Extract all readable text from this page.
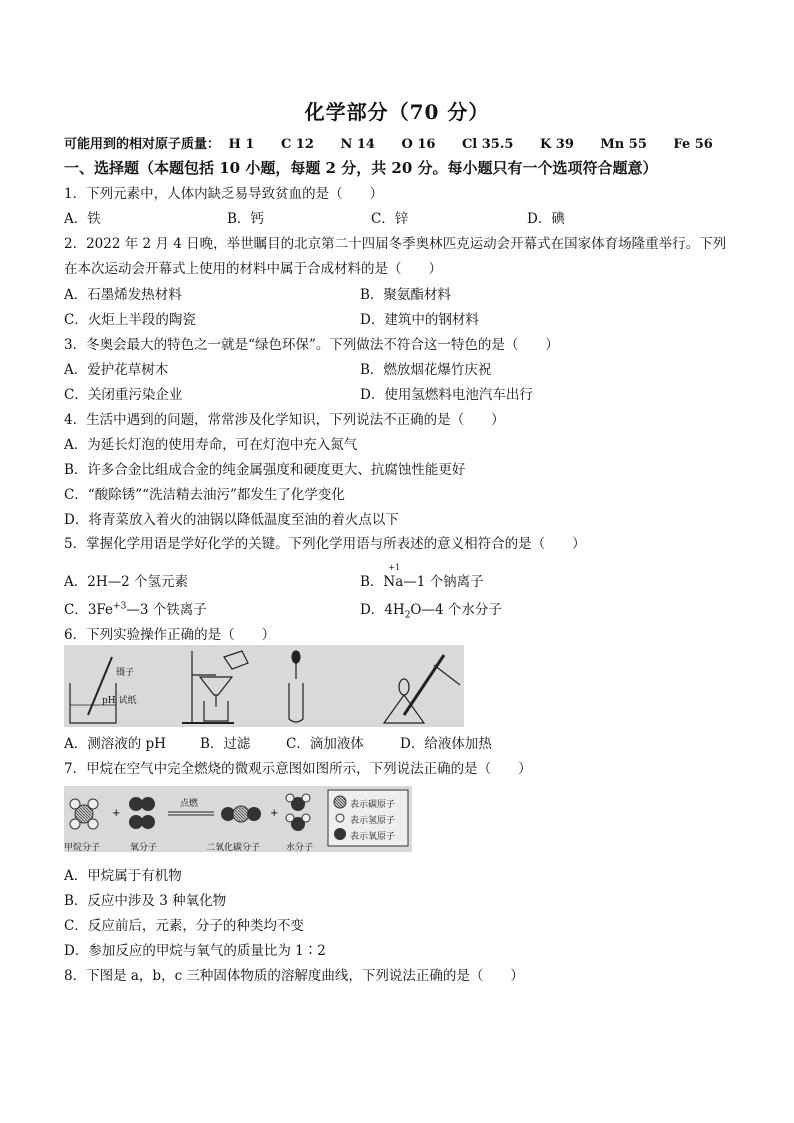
化学部分（70 分）
可能用到的相对原子质量： H 1 C 12 N 14 O 16 Cl 35.5 K 39 Mn 55 Fe 56
一、选择题（本题包括 10 小题，每题 2 分，共 20 分。每小题只有一个选项符合题意）
1．下列元素中，人体内缺乏易导致贫血的是（　　）
A．铁	B．钙	C．锌	D．碘
2．2022 年 2 月 4 日晚，举世瞩目的北京第二十四届冬季奥林匹克运动会开幕式在国家体育场隆重举行。下列
在本次运动会开幕式上使用的材料中属于合成材料的是（　　）
A．石墨烯发热材料	B．聚氨酯材料
C．火炬上半段的陶瓷	D．建筑中的钢材料
3．冬奥会最大的特色之一就是“绿色环保”。下列做法不符合这一特色的是（　　）
A．爱护花草树木	B．燃放烟花爆竹庆祝
C．关闭重污染企业	D．使用氢燃料电池汽车出行
4．生活中遇到的问题，常常涉及化学知识，下列说法不正确的是（　　）
A．为延长灯泡的使用寿命，可在灯泡中充入氮气
B．许多合金比组成合金的纯金属强度和硬度更大、抗腐蚀性能更好
C．“酸除锈”“洗洁精去油污”都发生了化学变化
D．将青菜放入着火的油锅以降低温度至油的着火点以下
5．掌握化学用语是学好化学的关键。下列化学用语与所表述的意义相符合的是（　　）
A．2H—2 个氢元素	B．
+1
Na—1 个钠离子
C．$3Fe^{+3}—3$ 个铁离子	D．$4H_2O—4$ 个水分子
6．下列实验操作正确的是（　　）
镊子
pH 试纸
A．测溶液的 pH	B．过滤	C．滴加液体	D．给液体加热
7．甲烷在空气中完全燃烧的微观示意图如图所示，下列说法正确的是（　　）
+	+
甲烷分子	氧分子
点燃
二氧化碳分子	水分子
表示碳原子
表示氢原子
表示氧原子
A．甲烷属于有机物
B．反应中涉及 3 种氧化物
C．反应前后，元素，分子的种类均不变
D．参加反应的甲烷与氧气的质量比为 1∶2
8．下图是 a，b，c 三种固体物质的溶解度曲线，下列说法正确的是（　　）
